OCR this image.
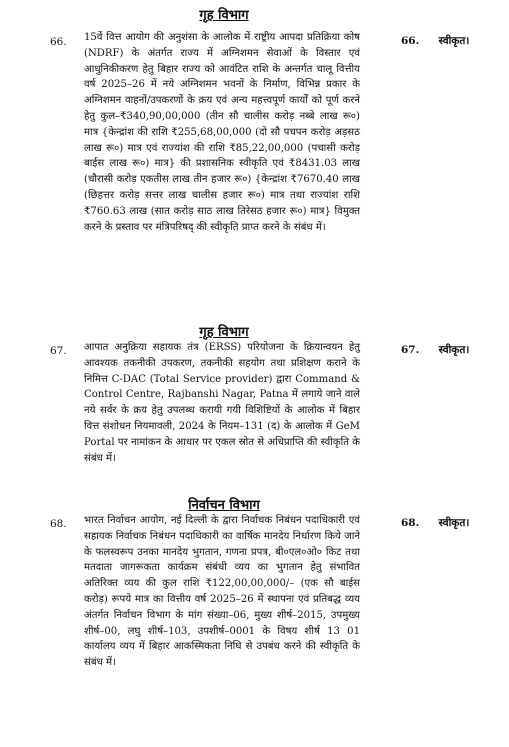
गृह विभाग
66. 15वें वित्त आयोग की अनुशंसा के आलोक में राष्ट्रीय आपदा प्रतिक्रिया कोष (NDRF) के अंतर्गत राज्य में अग्निशमन सेवाओं के विस्तार एवं आधुनिकीकरण हेतु बिहार राज्य को आवंटित राशि के अन्तर्गत चालू वित्तीय वर्ष 2025–26 में नये अग्निशमन भवनों के निर्माण, विभिन्न प्रकार के अग्निशमन वाहनों/उपकरणों के क्रय एवं अन्य महत्त्वपूर्ण कार्यों को पूर्ण करने हेतु कुल–₹340,90,00,000 (तीन सौ चालीस करोड़ नब्बे लाख रू०) मात्र {केन्द्रांश की राशि ₹255,68,00,000 (दो सौ पचपन करोड़ अड़सठ लाख रू०) मात्र एवं राज्यांश की राशि ₹85,22,00,000 (पचासी करोड़ बाईस लाख रू०) मात्र} की प्रशासनिक स्वीकृति एवं ₹8431.03 लाख (चौरासी करोड़ एकतीस लाख तीन हजार रू०) {केन्द्रांश ₹7670.40 लाख (छिहत्तर करोड़ सत्तर लाख चालीस हजार रू०) मात्र तथा राज्यांश राशि ₹760.63 लाख (सात करोड़ साठ लाख तिरेसठ हजार रू०) मात्र} विमुक्त करने के प्रस्ताव पर मंत्रिपरिषद् की स्वीकृति प्राप्त करने के संबंध में।
66. स्वीकृत।
गृह विभाग
67. आपात अनुक्रिया सहायक तंत्र (ERSS) परियोजना के क्रियान्वयन हेतु आवश्यक तकनीकी उपकरण, तकनीकी सहयोग तथा प्रशिक्षण कराने के निमित्त C-DAC (Total Service provider) द्वारा Command & Control Centre, Rajbanshi Nagar, Patna में लगाये जाने वाले नये सर्वर के क्रय हेतु उपलब्ध करायी गयी विशिष्टियों के आलोक में बिहार वित्त संशोधन नियमावली, 2024 के नियम–131 (द) के आलोक में GeM Portal पर नामांकन के आधार पर एकल स्रोत से अधिप्राप्ति की स्वीकृति के संबंध में।
67. स्वीकृत।
निर्वाचन विभाग
68. भारत निर्वाचन आयोग, नई दिल्ली के द्वारा निर्वाचक निबंधन पदाधिकारी एवं सहायक निर्वाचक निबंधन पदाधिकारी का वार्षिक मानदेय निर्धारण किये जाने के फलस्वरूप उनका मानदेय भुगतान, गणना प्रपत्र, बी०एल०ओ० किट तथा मतदाता जागरूकता कार्यक्रम संबंधी व्यय का भुगतान हेतु संभावित अतिरिक्त व्यय की कुल राशि ₹122,00,00,000/– (एक सौ बाईस करोड़) रूपये मात्र का वित्तीय वर्ष 2025–26 में स्थापना एवं प्रतिबद्ध व्यय अंतर्गत निर्वाचन विभाग के मांग संख्या–06, मुख्य शीर्ष–2015, उपमुख्य शीर्ष–00, लघु शीर्ष–103, उपशीर्ष–0001 के विषय शीर्ष 13 01 कार्यालय व्यय में बिहार आकस्मिकता निधि से उपबंध करने की स्वीकृति के संबंध में।
68. स्वीकृत।
